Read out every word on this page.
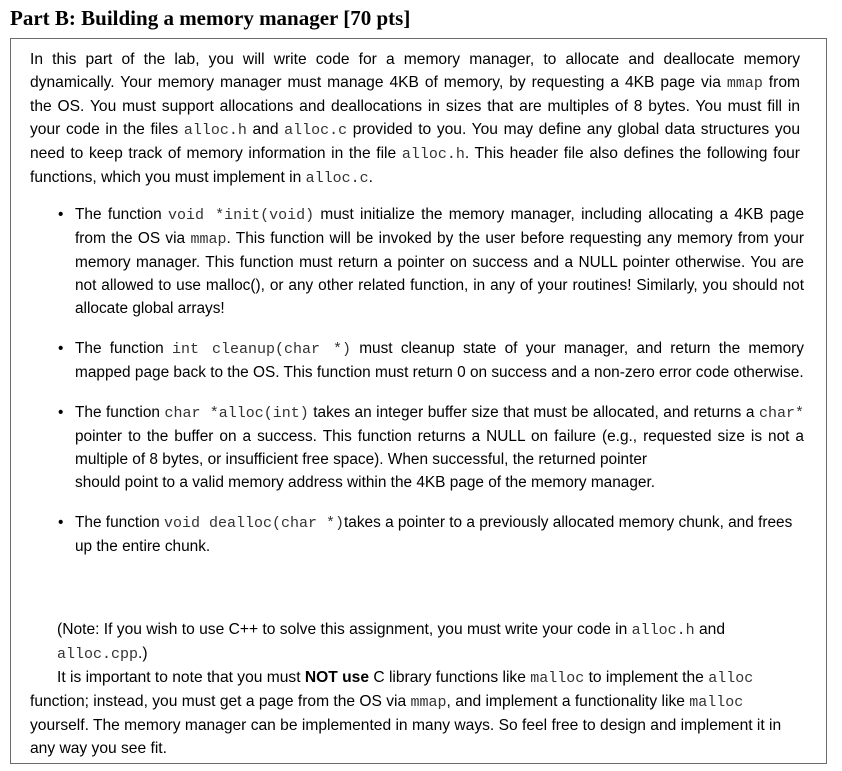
Part B: Building a memory manager [70 pts]

In this part of the lab, you will write code for a memory manager, to allocate and deallocate memory dynamically. Your memory manager must manage 4KB of memory, by requesting a 4KB page via mmap from the OS. You must support allocations and deallocations in sizes that are multiples of 8 bytes. You must fill in your code in the files alloc.h and alloc.c provided to you. You may define any global data structures you need to keep track of memory information in the file alloc.h. This header file also defines the following four functions, which you must implement in alloc.c.

• The function void *init(void) must initialize the memory manager, including allocating a 4KB page from the OS via mmap. This function will be invoked by the user before requesting any memory from your memory manager. This function must return a pointer on success and a NULL pointer otherwise. You are not allowed to use malloc(), or any other related function, in any of your routines! Similarly, you should not allocate global arrays!
• The function int cleanup(char *) must cleanup state of your manager, and return the memory mapped page back to the OS. This function must return 0 on success and a non-zero error code otherwise.
• The function char *alloc(int) takes an integer buffer size that must be allocated, and returns a char* pointer to the buffer on a success. This function returns a NULL on failure (e.g., requested size is not a multiple of 8 bytes, or insufficient free space). When successful, the returned pointer
should point to a valid memory address within the 4KB page of the memory manager.
• The function void dealloc(char *)takes a pointer to a previously allocated memory chunk, and frees up the entire chunk.
(Note: If you wish to use C++ to solve this assignment, you must write your code in alloc.h and alloc.cpp.)
It is important to note that you must NOT use C library functions like malloc to implement the alloc function; instead, you must get a page from the OS via mmap, and implement a functionality like malloc yourself. The memory manager can be implemented in many ways. So feel free to design and implement it in any way you see fit.
